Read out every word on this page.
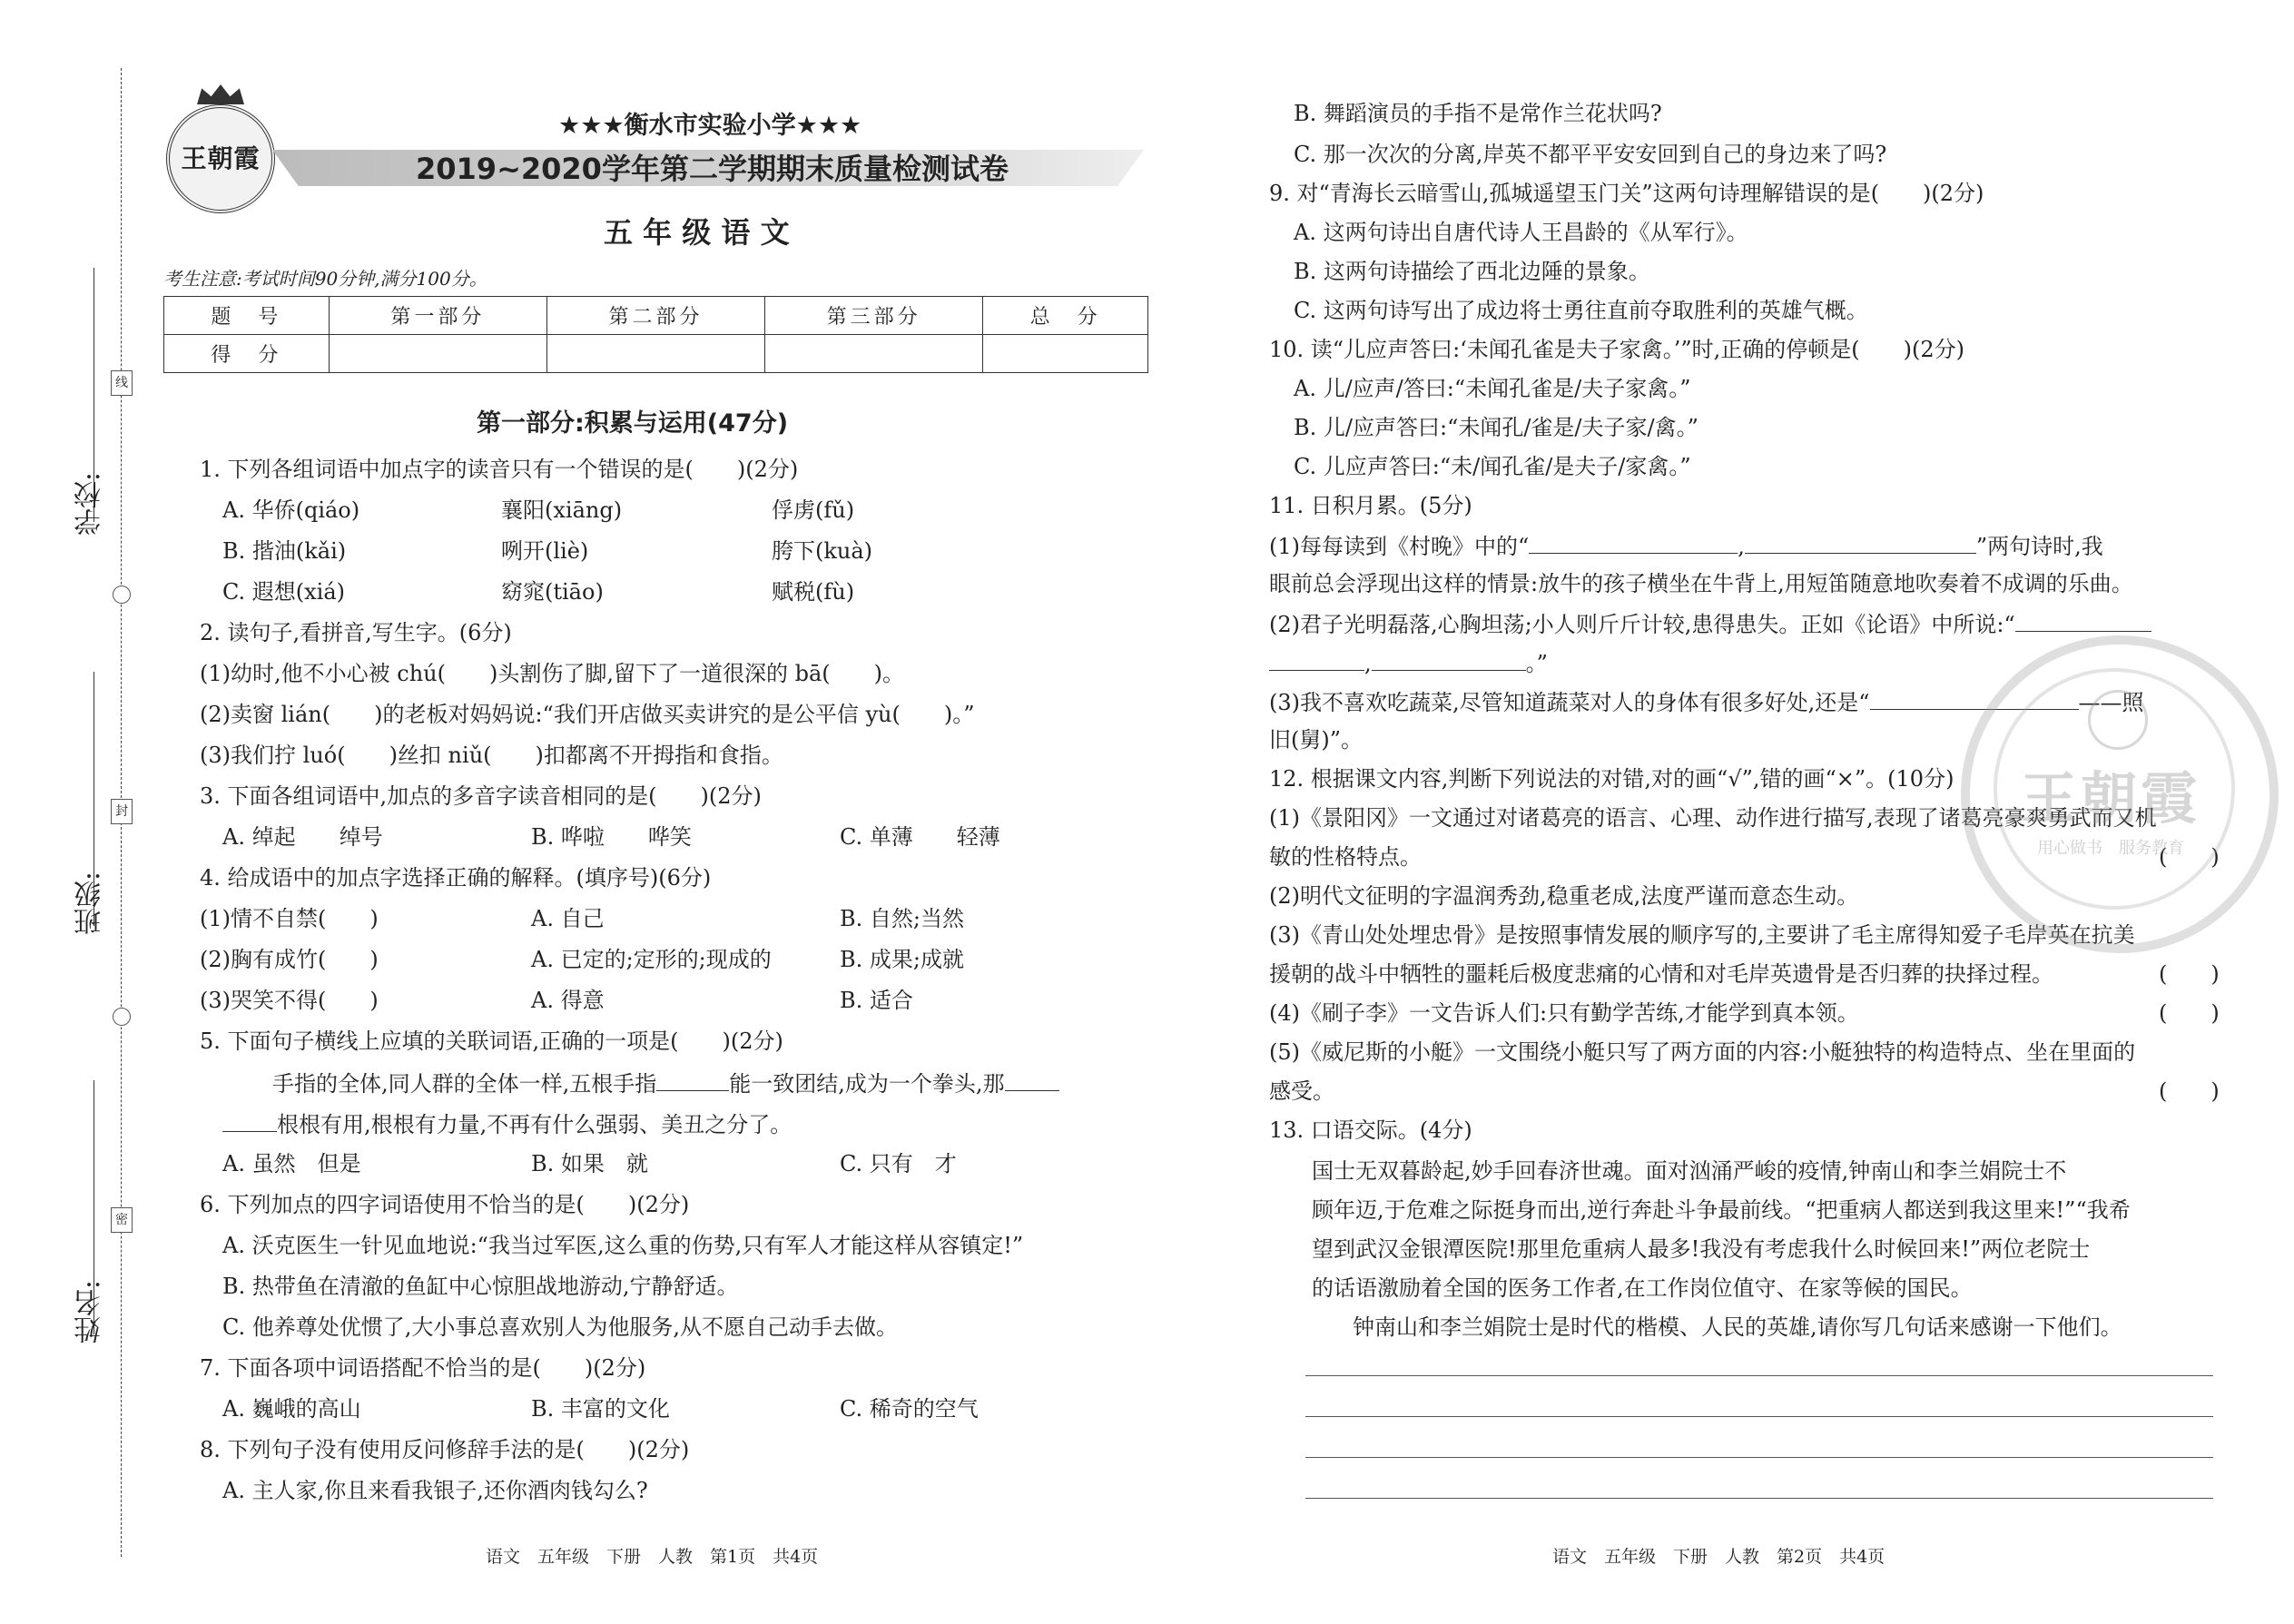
线
封
密
学校:
班级:
姓名:
王朝霞
★★★衡水市实验小学★★★
2019~2020学年第二学期期末质量检测试卷
五 年 级 语 文
考生注意:考试时间90分钟,满分100分。
题　号	第一部分	第二部分	第三部分	总　分
得　分				
第一部分:积累与运用(47分)
1. 下列各组词语中加点字的读音只有一个错误的是(　　)(2分)
A. 华侨(qiáo)	襄阳(xiāng)	俘虏(fǔ)
B. 揩油(kǎi)	咧开(liè)	胯下(kuà)
C. 遐想(xiá)	窈窕(tiāo)	赋税(fù)
2. 读句子,看拼音,写生字。(6分)
(1)幼时,他不小心被 chú(　　)头割伤了脚,留下了一道很深的 bā(　　)。
(2)卖窗 lián(　　)的老板对妈妈说:“我们开店做买卖讲究的是公平信 yù(　　)。”
(3)我们拧 luó(　　)丝扣 niǔ(　　)扣都离不开拇指和食指。
3. 下面各组词语中,加点的多音字读音相同的是(　　)(2分)
A. 绰起　　绰号	B. 哗啦　　哗笑	C. 单薄　　轻薄
4. 给成语中的加点字选择正确的解释。(填序号)(6分)
(1)情不自禁(　　)	A. 自己	B. 自然;当然
(2)胸有成竹(　　)	A. 已定的;定形的;现成的	B. 成果;成就
(3)哭笑不得(　　)	A. 得意	B. 适合
5. 下面句子横线上应填的关联词语,正确的一项是(　　)(2分)
手指的全体,同人群的全体一样,五根手指	能一致团结,成为一个拳头,那
根根有用,根根有力量,不再有什么强弱、美丑之分了。
A. 虽然　但是	B. 如果　就	C. 只有　才
6. 下列加点的四字词语使用不恰当的是(　　)(2分)
A. 沃克医生一针见血地说:“我当过军医,这么重的伤势,只有军人才能这样从容镇定!”
B. 热带鱼在清澈的鱼缸中心惊胆战地游动,宁静舒适。
C. 他养尊处优惯了,大小事总喜欢别人为他服务,从不愿自己动手去做。
7. 下面各项中词语搭配不恰当的是(　　)(2分)
A. 巍峨的高山	B. 丰富的文化	C. 稀奇的空气
8. 下列句子没有使用反问修辞手法的是(　　)(2分)
A. 主人家,你且来看我银子,还你酒肉钱勾么?
语文　五年级　下册　人教　第1页　共4页
B. 舞蹈演员的手指不是常作兰花状吗?
C. 那一次次的分离,岸英不都平平安安回到自己的身边来了吗?
9. 对“青海长云暗雪山,孤城遥望玉门关”这两句诗理解错误的是(　　)(2分)
A. 这两句诗出自唐代诗人王昌龄的《从军行》。
B. 这两句诗描绘了西北边陲的景象。
C. 这两句诗写出了成边将士勇往直前夺取胜利的英雄气概。
10. 读“儿应声答曰:‘未闻孔雀是夫子家禽。’”时,正确的停顿是(　　)(2分)
A. 儿/应声/答曰:“未闻孔雀是/夫子家禽。”
B. 儿/应声答曰:“未闻孔/雀是/夫子家/禽。”
C. 儿应声答曰:“未/闻孔雀/是夫子/家禽。”
11. 日积月累。(5分)
(1)每每读到《村晚》中的“	,	”两句诗时,我
眼前总会浮现出这样的情景:放牛的孩子横坐在牛背上,用短笛随意地吹奏着不成调的乐曲。
(2)君子光明磊落,心胸坦荡;小人则斤斤计较,患得患失。正如《论语》中所说:“
,	。”
(3)我不喜欢吃蔬菜,尽管知道蔬菜对人的身体有很多好处,还是“	——照
旧(舅)”。
12. 根据课文内容,判断下列说法的对错,对的画“√”,错的画“×”。(10分)
(1)《景阳冈》一文通过对诸葛亮的语言、心理、动作进行描写,表现了诸葛亮豪爽勇武而又机
敏的性格特点。	(　　)
(2)明代文征明的字温润秀劲,稳重老成,法度严谨而意态生动。
(3)《青山处处埋忠骨》是按照事情发展的顺序写的,主要讲了毛主席得知爱子毛岸英在抗美
援朝的战斗中牺牲的噩耗后极度悲痛的心情和对毛岸英遗骨是否归葬的抉择过程。	(　　)
(4)《刷子李》一文告诉人们:只有勤学苦练,才能学到真本领。	(　　)
(5)《威尼斯的小艇》一文围绕小艇只写了两方面的内容:小艇独特的构造特点、坐在里面的
感受。	(　　)
13. 口语交际。(4分)
国士无双暮龄起,妙手回春济世魂。面对汹涌严峻的疫情,钟南山和李兰娟院士不
顾年迈,于危难之际挺身而出,逆行奔赴斗争最前线。“把重病人都送到我这里来!”“我希
望到武汉金银潭医院!那里危重病人最多!我没有考虑我什么时候回来!”两位老院士
的话语激励着全国的医务工作者,在工作岗位值守、在家等候的国民。
钟南山和李兰娟院士是时代的楷模、人民的英雄,请你写几句话来感谢一下他们。
语文　五年级　下册　人教　第2页　共4页
王朝霞
用心做书　服务教育
